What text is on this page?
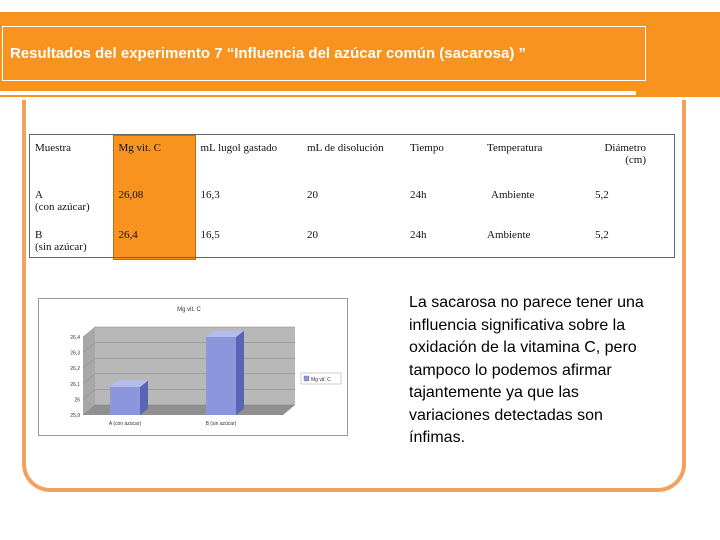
Resultados del experimento 7 “Influencia del azúcar común (sacarosa) ”
Muestra	Mg vit. C	mL lugol gastado	mL de disolución	Tiempo	Temperatura	Diámetro (cm)
A
(con azúcar)	26,08	16,3	20	24h	Ambiente	5,2
B
(sin azúcar)	26,4	16,5	20	24h	Ambiente	5,2
Mg vit. C
25,9
26
26,1
26,2
26,3
26,4
A (con azúcar)	B (sin azúcar)
Mg vit. C
La sacarosa no parece tener una influencia significativa sobre la oxidación de la vitamina C, pero tampoco lo podemos afirmar tajantemente ya que las variaciones detectadas son ínfimas.
